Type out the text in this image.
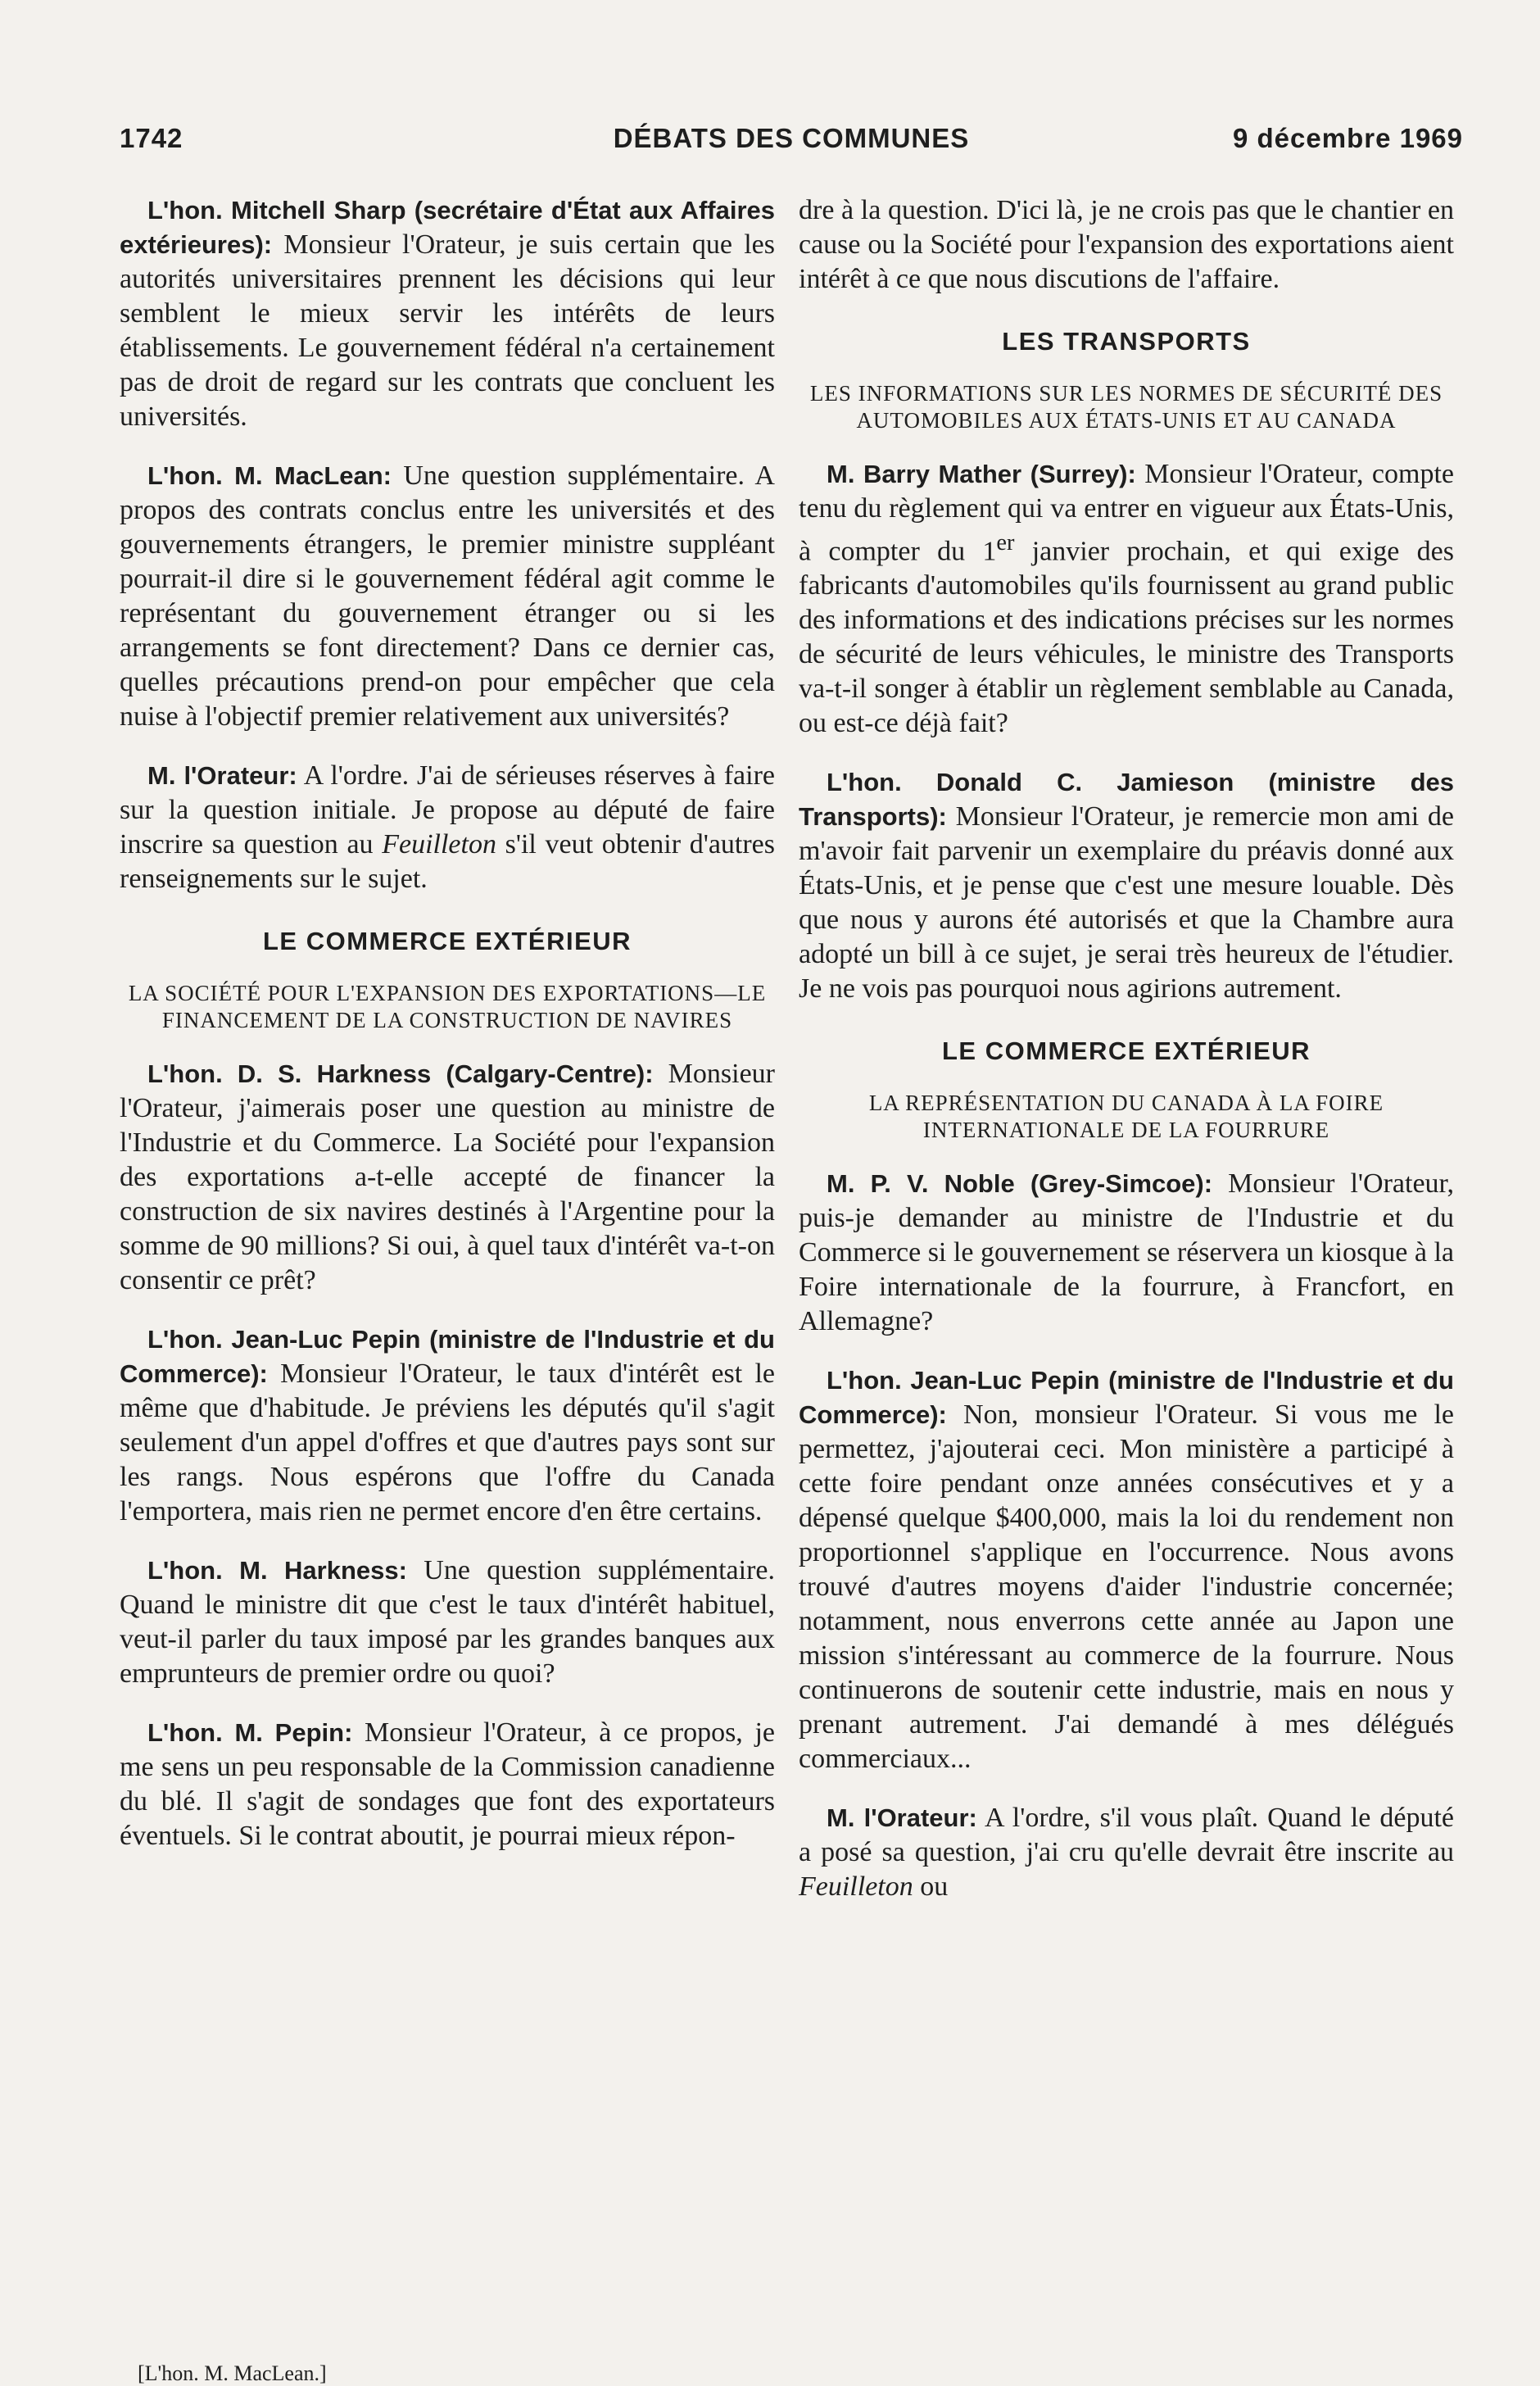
1742	DÉBATS DES COMMUNES	9 décembre 1969

L'hon. Mitchell Sharp (secrétaire d'État aux Affaires extérieures): Monsieur l'Orateur, je suis certain que les autorités universitaires prennent les décisions qui leur semblent le mieux servir les intérêts de leurs établissements. Le gouvernement fédéral n'a certainement pas de droit de regard sur les contrats que concluent les universités.

L'hon. M. MacLean: Une question supplémentaire. A propos des contrats conclus entre les universités et des gouvernements étrangers, le premier ministre suppléant pourrait-il dire si le gouvernement fédéral agit comme le représentant du gouvernement étranger ou si les arrangements se font directement? Dans ce dernier cas, quelles précautions prend-on pour empêcher que cela nuise à l'objectif premier relativement aux universités?

M. l'Orateur: A l'ordre. J'ai de sérieuses réserves à faire sur la question initiale. Je propose au député de faire inscrire sa question au Feuilleton s'il veut obtenir d'autres renseignements sur le sujet.

LE COMMERCE EXTÉRIEUR
LA SOCIÉTÉ POUR L'EXPANSION DES EXPORTATIONS—LE FINANCEMENT DE LA CONSTRUCTION DE NAVIRES

L'hon. D. S. Harkness (Calgary-Centre): Monsieur l'Orateur, j'aimerais poser une question au ministre de l'Industrie et du Commerce. La Société pour l'expansion des exportations a-t-elle accepté de financer la construction de six navires destinés à l'Argentine pour la somme de 90 millions? Si oui, à quel taux d'intérêt va-t-on consentir ce prêt?

L'hon. Jean-Luc Pepin (ministre de l'Industrie et du Commerce): Monsieur l'Orateur, le taux d'intérêt est le même que d'habitude. Je préviens les députés qu'il s'agit seulement d'un appel d'offres et que d'autres pays sont sur les rangs. Nous espérons que l'offre du Canada l'emportera, mais rien ne permet encore d'en être certains.

L'hon. M. Harkness: Une question supplémentaire. Quand le ministre dit que c'est le taux d'intérêt habituel, veut-il parler du taux imposé par les grandes banques aux emprunteurs de premier ordre ou quoi?

L'hon. M. Pepin: Monsieur l'Orateur, à ce propos, je me sens un peu responsable de la Commission canadienne du blé. Il s'agit de sondages que font des exportateurs éventuels. Si le contrat aboutit, je pourrai mieux répon-

[L'hon. M. MacLean.]

dre à la question. D'ici là, je ne crois pas que le chantier en cause ou la Société pour l'expansion des exportations aient intérêt à ce que nous discutions de l'affaire.

LES TRANSPORTS
LES INFORMATIONS SUR LES NORMES DE SÉCURITÉ DES AUTOMOBILES AUX ÉTATS-UNIS ET AU CANADA

M. Barry Mather (Surrey): Monsieur l'Orateur, compte tenu du règlement qui va entrer en vigueur aux États-Unis, à compter du 1er janvier prochain, et qui exige des fabricants d'automobiles qu'ils fournissent au grand public des informations et des indications précises sur les normes de sécurité de leurs véhicules, le ministre des Transports va-t-il songer à établir un règlement semblable au Canada, ou est-ce déjà fait?

L'hon. Donald C. Jamieson (ministre des Transports): Monsieur l'Orateur, je remercie mon ami de m'avoir fait parvenir un exemplaire du préavis donné aux États-Unis, et je pense que c'est une mesure louable. Dès que nous y aurons été autorisés et que la Chambre aura adopté un bill à ce sujet, je serai très heureux de l'étudier. Je ne vois pas pourquoi nous agirions autrement.

LE COMMERCE EXTÉRIEUR
LA REPRÉSENTATION DU CANADA À LA FOIRE INTERNATIONALE DE LA FOURRURE

M. P. V. Noble (Grey-Simcoe): Monsieur l'Orateur, puis-je demander au ministre de l'Industrie et du Commerce si le gouvernement se réservera un kiosque à la Foire internationale de la fourrure, à Francfort, en Allemagne?

L'hon. Jean-Luc Pepin (ministre de l'Industrie et du Commerce): Non, monsieur l'Orateur. Si vous me le permettez, j'ajouterai ceci. Mon ministère a participé à cette foire pendant onze années consécutives et y a dépensé quelque $400,000, mais la loi du rendement non proportionnel s'applique en l'occurrence. Nous avons trouvé d'autres moyens d'aider l'industrie concernée; notamment, nous enverrons cette année au Japon une mission s'intéressant au commerce de la fourrure. Nous continuerons de soutenir cette industrie, mais en nous y prenant autrement. J'ai demandé à mes délégués commerciaux...

M. l'Orateur: A l'ordre, s'il vous plaît. Quand le député a posé sa question, j'ai cru qu'elle devrait être inscrite au Feuilleton ou
